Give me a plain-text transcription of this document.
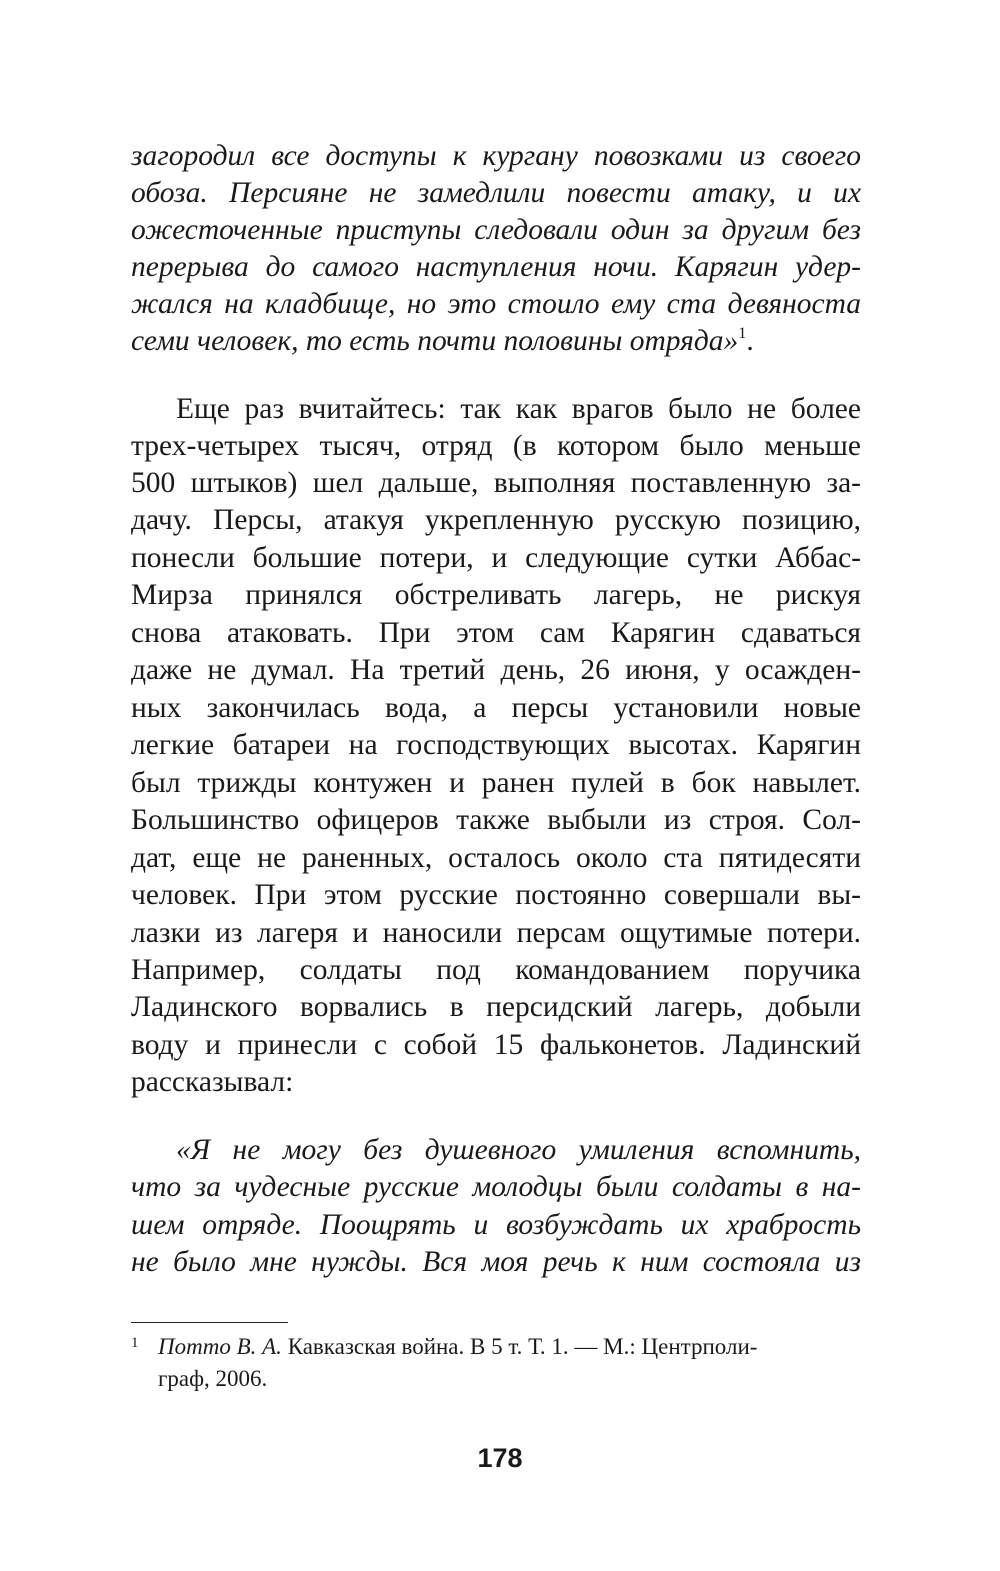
загородил все доступы к кургану повозками из своего
обоза. Персияне не замедлили повести атаку, и их
ожесточенные приступы следовали один за другим без
перерыва до самого наступления ночи. Карягин удер-
жался на кладбище, но это стоило ему ста девяноста
семи человек, то есть почти половины отряда»$^1$.
Еще раз вчитайтесь: так как врагов было не более
трех-четырех тысяч, отряд (в котором было меньше
500 штыков) шел дальше, выполняя поставленную за-
дачу. Персы, атакуя укрепленную русскую позицию,
понесли большие потери, и следующие сутки Аббас-
Мирза принялся обстреливать лагерь, не рискуя
снова атаковать. При этом сам Карягин сдаваться
даже не думал. На третий день, 26 июня, у осажден-
ных закончилась вода, а персы установили новые
легкие батареи на господствующих высотах. Карягин
был трижды контужен и ранен пулей в бок навылет.
Большинство офицеров также выбыли из строя. Сол-
дат, еще не раненных, осталось около ста пятидесяти
человек. При этом русские постоянно совершали вы-
лазки из лагеря и наносили персам ощутимые потери.
Например, солдаты под командованием поручика
Ладинского ворвались в персидский лагерь, добыли
воду и принесли с собой 15 фальконетов. Ладинский
рассказывал:
«Я не могу без душевного умиления вспомнить,
что за чудесные русские молодцы были солдаты в на-
шем отряде. Поощрять и возбуждать их храбрость
не было мне нужды. Вся моя речь к ним состояла из
1 Потто В. А. Кавказская война. В 5 т. Т. 1. — М.: Центрполи-
граф, 2006.
178
